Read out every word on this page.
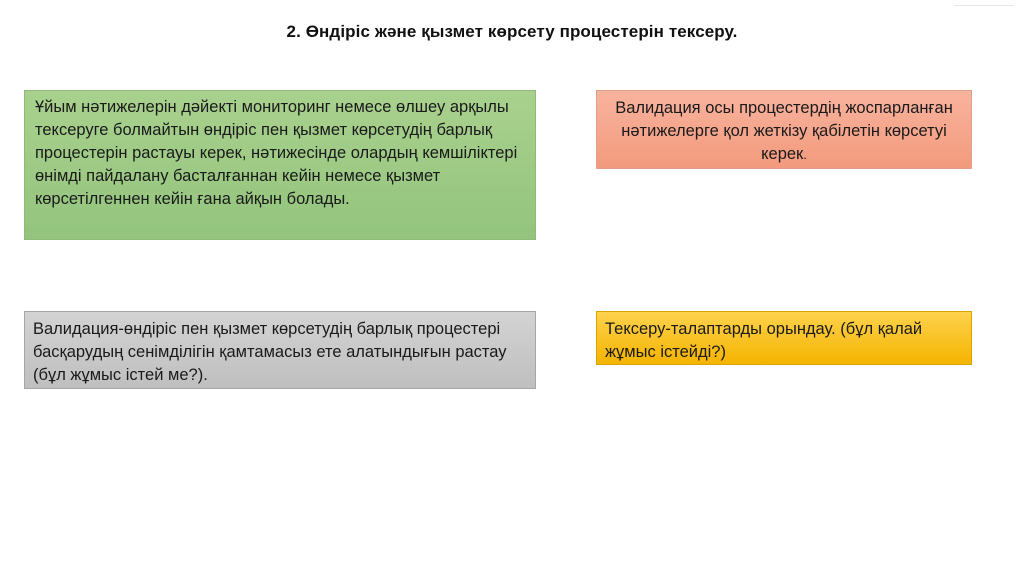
2. Өндіріс және қызмет көрсету процестерін тексеру.
Ұйым нәтижелерін дәйекті мониторинг немесе өлшеу арқылы тексеруге болмайтын өндіріс пен қызмет көрсетудің барлық процестерін растауы керек, нәтижесінде олардың кемшіліктері өнімді пайдалану басталғаннан кейін немесе қызмет көрсетілгеннен кейін ғана айқын болады.
Валидация осы процестердің жоспарланған нәтижелерге қол жеткізу қабілетін көрсетуі керек.
Валидация-өндіріс пен қызмет көрсетудің барлық процестері басқарудың сенімділігін қамтамасыз ете алатындығын растау (бұл жұмыс істей ме?).
Тексеру-талаптарды орындау. (бұл қалай жұмыс істейді?)
